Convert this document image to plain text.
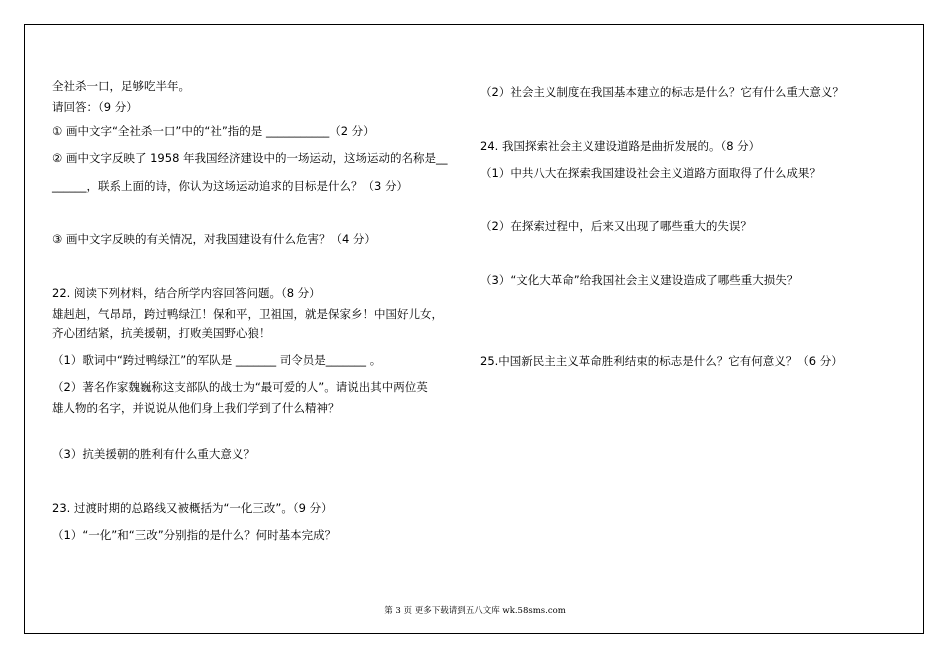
全社杀一口，足够吃半年。
请回答：（9 分）
① 画中文字“全社杀一口”中的“社”指的是 ___________（2 分）
② 画中文字反映了 1958 年我国经济建设中的一场运动，这场运动的名称是__
______，联系上面的诗，你认为这场运动追求的目标是什么？（3 分）
③ 画中文字反映的有关情况，对我国建设有什么危害？（4 分）
22. 阅读下列材料，结合所学内容回答问题。（8 分）
雄赳赳，气昂昂，跨过鸭绿江！保和平，卫祖国，就是保家乡！中国好儿女，
齐心团结紧，抗美援朝，打败美国野心狼！
（1）歌词中“跨过鸭绿江”的军队是 _______ 司令员是_______ 。
（2）著名作家魏巍称这支部队的战士为“最可爱的人”。请说出其中两位英
雄人物的名字，并说说从他们身上我们学到了什么精神？
（3）抗美援朝的胜利有什么重大意义？
23. 过渡时期的总路线又被概括为“一化三改”。（9 分）
（1）“一化”和“三改”分别指的是什么？何时基本完成？
（2）社会主义制度在我国基本建立的标志是什么？它有什么重大意义？
24. 我国探索社会主义建设道路是曲折发展的。（8 分）
（1）中共八大在探索我国建设社会主义道路方面取得了什么成果？
（2）在探索过程中，后来又出现了哪些重大的失误？
（3）“文化大革命”给我国社会主义建设造成了哪些重大损失？
25.中国新民主主义革命胜利结束的标志是什么？它有何意义？（6 分）
第 3 页 更多下载请到五八文库 wk.58sms.com
